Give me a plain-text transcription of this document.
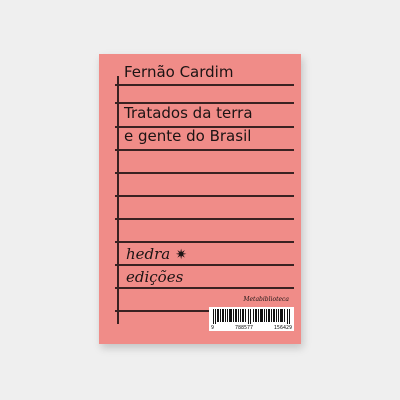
Fernão Cardim
Tratados da terra
e gente do Brasil
hedra ✷
edições
Metabiblioteca
9	788577	156429
